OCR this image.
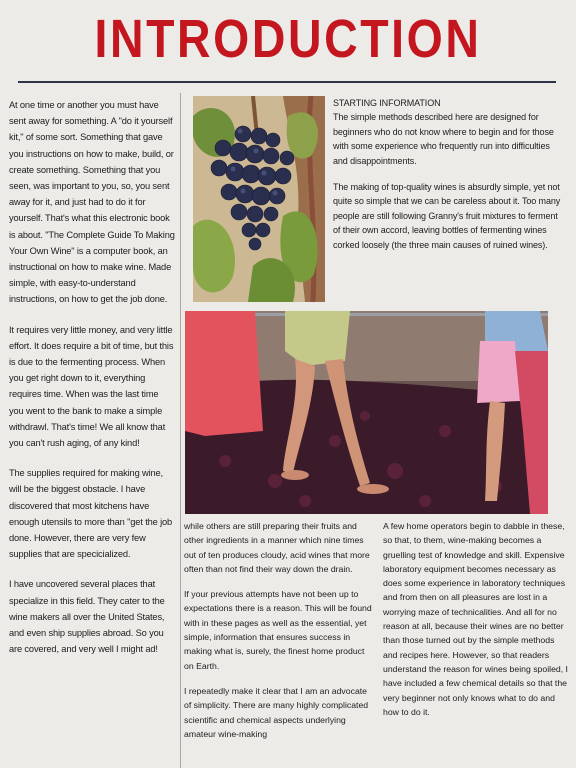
INTRODUCTION

At one time or another you must have sent away for something. A "do it yourself kit," of some sort. Something that gave you instructions on how to make, build, or create something. Something that you seen, was important to you, so, you sent away for it, and just had to do it for yourself. That's what this electronic book is about. "The Complete Guide To Making Your Own Wine" is a computer book, an instructional on how to make wine. Made simple, with easy-to-understand instructions, on how to get the job done.

It requires very little money, and very little effort. It does require a bit of time, but this is due to the fermenting process. When you get right down to it, everything requires time. When was the last time you went to the bank to make a simple withdrawl. That's time! We all know that you can't rush aging, of any kind!

The supplies required for making wine, will be the biggest obstacle. I have discovered that most kitchens have enough utensils to more than "get the job done. However, there are very few supplies that are specicialized.

I have uncovered several places that specialize in this field. They cater to the wine makers all over the United States, and even ship supplies abroad. So you are covered, and very well I might ad!

STARTING INFORMATION

The simple methods described here are designed for beginners who do not know where to begin and for those with some experience who frequently run into difficulties and disappointments.

The making of top-quality wines is absurdly simple, yet not quite so simple that we can be careless about it. Too many people are still following Granny's fruit mixtures to ferment of their own accord, leaving bottles of fermenting wines corked loosely (the three main causes of ruined wines).

while others are still preparing their fruits and other ingredients in a manner which nine times out of ten produces cloudy, acid wines that more often than not find their way down the drain.

If your previous attempts have not been up to expectations there is a reason. This will be found with in these pages as well as the essential, yet simple, information that ensures success in making what is, surely, the finest home product on Earth.

I repeatedly make it clear that I am an advocate of simplicity. There are many highly complicated scientific and chemical aspects underlying amateur wine-making

A few home operators begin to dabble in these, so that, to them, wine-making becomes a gruelling test of knowledge and skill. Expensive laboratory equipment becomes necessary as does some experience in laboratory techniques and from then on all pleasures are lost in a worrying maze of technicalities. And all for no reason at all, because their wines are no better than those turned out by the simple methods and recipes here. However, so that readers understand the reason for wines being spoiled, I have included a few chemical details so that the very beginner not only knows what to do and how to do it.
